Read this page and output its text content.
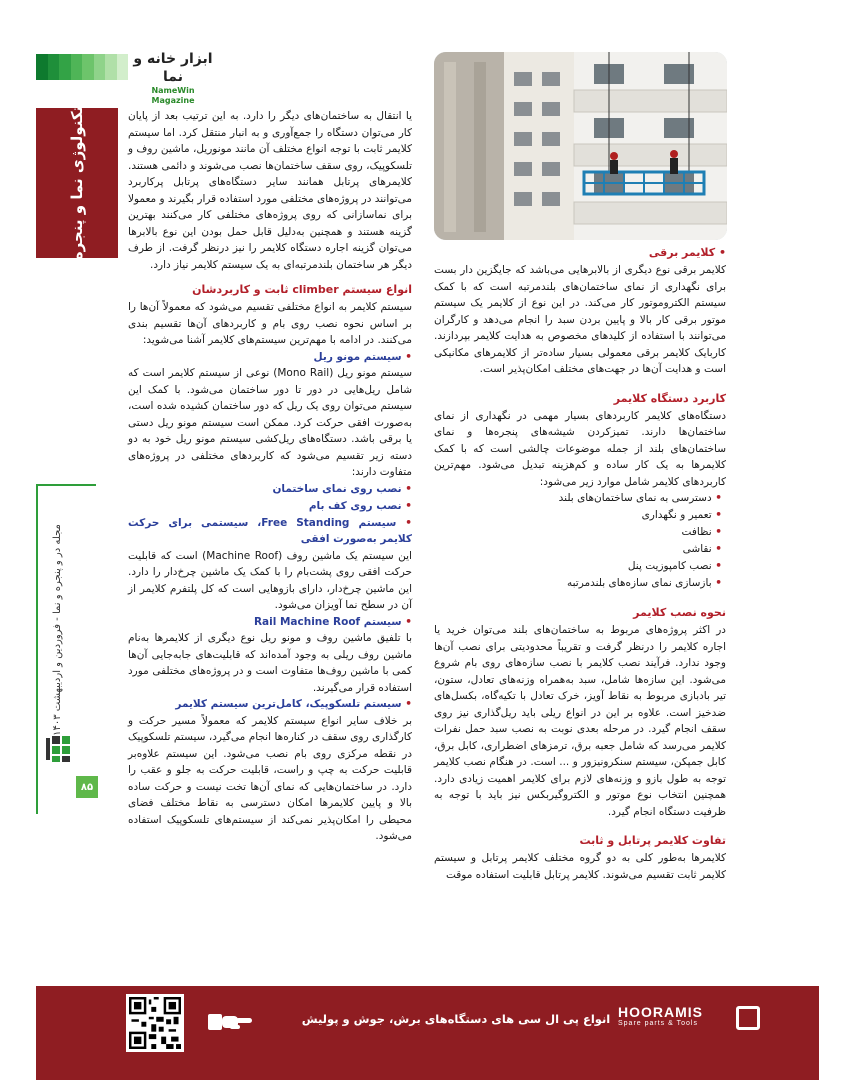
ابزار خانه و نما
NameWin Magazine
تکنولوژی نما و پنجره
مجله در و پنجره و نما - فروردین و اردیبهشت ۱۴۰۳
۸۵

یا انتقال به ساختمان‌های دیگر را دارد. به این ترتیب بعد از پایان کار می‌توان دستگاه را جمع‌آوری و به انبار منتقل کرد. اما سیستم کلایمر ثابت با توجه انواع مختلف آن مانند مونوریل، ماشین روف و تلسکوپیک، روی سقف ساختمان‌ها نصب می‌شوند و دائمی هستند. کلایمرهای پرتابل همانند سایر دستگاه‌های پرتابل پرکاربرد می‌توانند در پروژه‌های مختلفی مورد استفاده قرار بگیرند و معمولا برای نماسازانی که روی پروژه‌های مختلفی کار می‌کنند بهترین گزینه هستند و همچنین به‌دلیل قابل حمل بودن این نوع بالابرها می‌توان گزینه اجاره دستگاه کلایمر را نیز درنظر گرفت. از طرف دیگر هر ساختمان بلندمرتبه‌ای به یک سیستم کلایمر نیاز دارد.

انواع سیستم climber ثابت و کاربردشان

سیستم کلایمر به انواع مختلفی تقسیم می‌شود که معمولاً آن‌ها را بر اساس نحوه نصب روی بام و کاربردهای آن‌ها تقسیم بندی می‌کنند. در ادامه با مهم‌ترین سیستم‌های کلایمر آشنا می‌شوید:

• سیستم مونو ریل

سیستم مونو ریل (Mono Rail) نوعی از سیستم کلایمر است که شامل ریل‌هایی در دور تا دور ساختمان می‌شود. با کمک این سیستم می‌توان روی یک ریل که دور ساختمان کشیده شده است، به‌صورت افقی حرکت کرد. ممکن است سیستم مونو ریل دستی یا برقی باشد. دستگاه‌های ریل‌کشی سیستم مونو ریل خود به دو دسته زیر تقسیم می‌شود که کاربردهای مختلفی در پروژه‌های متفاوت دارند:

• نصب روی نمای ساختمان
• نصب روی کف بام
• سیستم Free Standing، سیستمی برای حرکت کلایمر به‌صورت افقی

این سیستم یک ماشین روف (Machine Roof) است که قابلیت حرکت افقی روی پشت‌بام را با کمک یک ماشین چرخ‌دار را دارد. این ماشین چرخ‌دار، دارای بازوهایی است که کل پلتفرم کلایمر از آن در سطح نما آویزان می‌شود.

• سیستم Rail Machine Roof

با تلفیق ماشین روف و مونو ریل نوع دیگری از کلایمرها به‌نام ماشین روف ریلی به وجود آمده‌اند که قابلیت‌های جابه‌جایی آن‌ها کمی با ماشین روف‌ها متفاوت است و در پروژه‌های مختلفی مورد استفاده قرار می‌گیرند.

• سیستم تلسکوپیک، کامل‌ترین سیستم کلایمر

بر خلاف سایر انواع سیستم کلایمر که معمولاً مسیر حرکت و کارگذاری روی سقف در کناره‌ها انجام می‌گیرد، سیستم تلسکوپیک در نقطه مرکزی روی بام نصب می‌شود. این سیستم علاوه‌بر قابلیت حرکت به چپ و راست، قابلیت حرکت به جلو و عقب را دارد. در ساختمان‌هایی که نمای آن‌ها تخت نیست و حرکت ساده بالا و پایین کلایمرها امکان دسترسی به نقاط مختلف فضای محیطی را امکان‌پذیر نمی‌کند از سیستم‌های تلسکوپیک استفاده می‌شود.

• کلایمر برقی

کلایمر برقی نوع دیگری از بالابرهایی می‌باشد که جایگزین دار بست برای نگهداری از نمای ساختمان‌های بلندمرتبه است که با کمک سیستم الکتروموتور کار می‌کند. در این نوع از کلایمر یک سیستم موتور برقی کار بالا و پایین بردن سبد را انجام می‌دهد و کارگران می‌توانند با استفاده از کلیدهای مخصوص به هدایت کلایمر بپردازند. کاربایک کلایمر برقی معمولی بسیار ساده‌تر از کلایمرهای مکانیکی است و هدایت آن‌ها در جهت‌های مختلف امکان‌پذیر است.

کاربرد دستگاه کلایمر

دستگاه‌های کلایمر کاربردهای بسیار مهمی در نگهداری از نمای ساختمان‌ها دارند. تمیزکردن شیشه‌های پنجره‌ها و نمای ساختمان‌های بلند از جمله موضوعات چالشی است که با کمک کلایمرها به یک کار ساده و کم‌هزینه تبدیل می‌شود. مهم‌ترین کاربردهای کلایمر شامل موارد زیر می‌شود:

• دسترسی به نمای ساختمان‌های بلند
• تعمیر و نگهداری
• نظافت
• نقاشی
• نصب کامپوزیت پنل
• بازسازی نمای سازه‌های بلندمرتبه
نحوه نصب کلایمر

در اکثر پروژه‌های مربوط به ساختمان‌های بلند می‌توان خرید یا اجاره کلایمر را درنظر گرفت و تقریباً محدودیتی برای نصب آن‌ها وجود ندارد. فرآیند نصب کلایمر با نصب سازه‌های روی بام شروع می‌شود. این سازه‌ها شامل، سبد به‌همراه وزنه‌های تعادل، ستون، تیر بادبازی مربوط به نقاط آویز، خرک تعادل با تکیه‌گاه، بکسل‌های ضدخیز است. علاوه بر این در انواع ریلی باید ریل‌گذاری نیز روی سقف انجام گیرد. در مرحله بعدی نوبت به نصب سبد حمل نفرات کلایمر می‌رسد که شامل جعبه برق، ترمزهای اضطراری، کابل برق، کابل جمپکن، سیستم سنکرونیزور و ... است. در هنگام نصب کلایمر توجه به طول بازو و وزنه‌های لازم برای کلایمر اهمیت زیادی دارد. همچنین انتخاب نوع موتور و الکتروگیربکس نیز باید با توجه به ظرفیت دستگاه انجام گیرد.

تفاوت کلایمر پرتابل و ثابت

کلایمرها به‌طور کلی به دو گروه مختلف کلایمر پرتابل و سیستم کلایمر ثابت تقسیم می‌شوند. کلایمر پرتابل قابلیت استفاده موقت

انواع پی ال سی های دستگاه‌های برش، جوش و پولیش HOORAMIS
Spare parts & Tools
